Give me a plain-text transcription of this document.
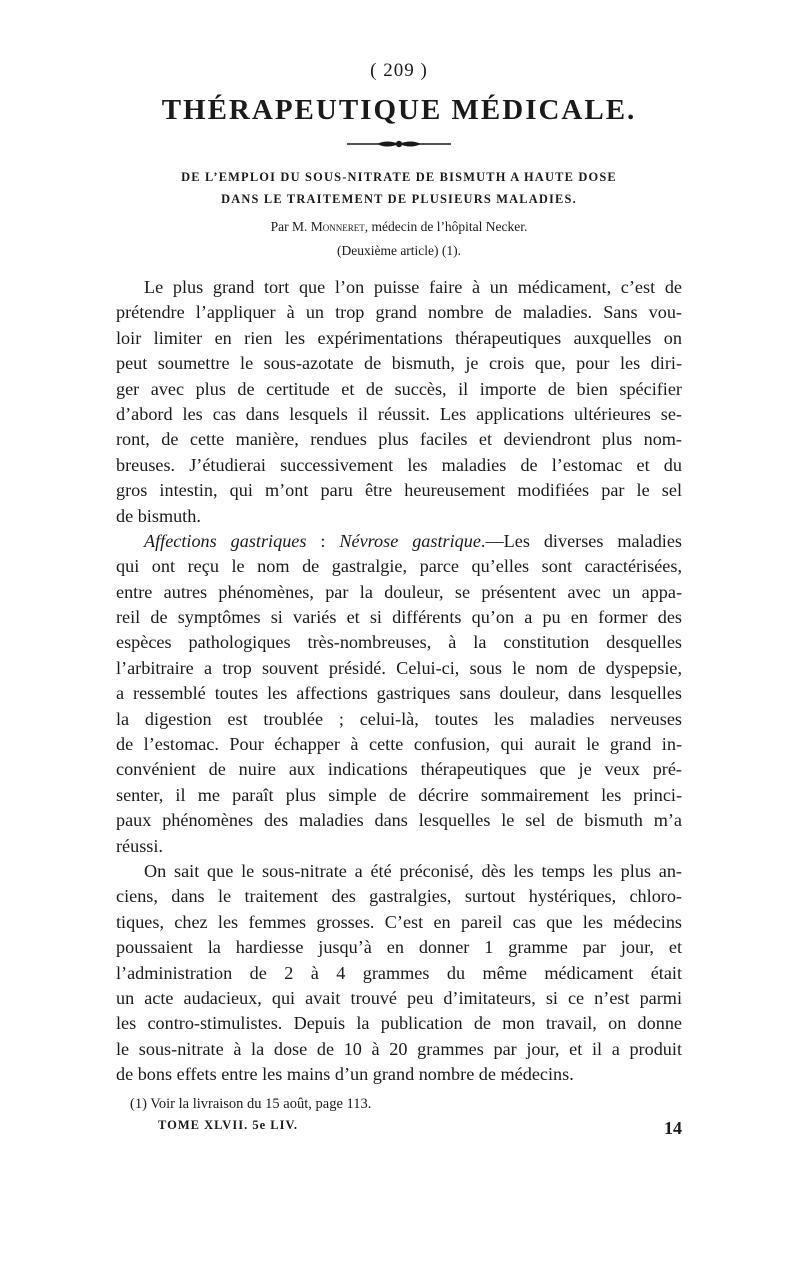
( 209 )
THÉRAPEUTIQUE MÉDICALE.
DE L’EMPLOI DU SOUS-NITRATE DE BISMUTH A HAUTE DOSE
DANS LE TRAITEMENT DE PLUSIEURS MALADIES.
Par M. Monneret, médecin de l’hôpital Necker.
(Deuxième article) (1).
Le plus grand tort que l’on puisse faire à un médicament, c’est de
prétendre l’appliquer à un trop grand nombre de maladies. Sans vou-
loir limiter en rien les expérimentations thérapeutiques auxquelles on
peut soumettre le sous-azotate de bismuth, je crois que, pour les diri-
ger avec plus de certitude et de succès, il importe de bien spécifier
d’abord les cas dans lesquels il réussit. Les applications ultérieures se-
ront, de cette manière, rendues plus faciles et deviendront plus nom-
breuses. J’étudierai successivement les maladies de l’estomac et du
gros intestin, qui m’ont paru être heureusement modifiées par le sel
de bismuth.
Affections gastriques : Névrose gastrique.—Les diverses maladies
qui ont reçu le nom de gastralgie, parce qu’elles sont caractérisées,
entre autres phénomènes, par la douleur, se présentent avec un appa-
reil de symptômes si variés et si différents qu’on a pu en former des
espèces pathologiques très-nombreuses, à la constitution desquelles
l’arbitraire a trop souvent présidé. Celui-ci, sous le nom de dyspepsie,
a ressemblé toutes les affections gastriques sans douleur, dans lesquelles
la digestion est troublée ; celui-là, toutes les maladies nerveuses
de l’estomac. Pour échapper à cette confusion, qui aurait le grand in-
convénient de nuire aux indications thérapeutiques que je veux pré-
senter, il me paraît plus simple de décrire sommairement les princi-
paux phénomènes des maladies dans lesquelles le sel de bismuth m’a
réussi.
On sait que le sous-nitrate a été préconisé, dès les temps les plus an-
ciens, dans le traitement des gastralgies, surtout hystériques, chloro-
tiques, chez les femmes grosses. C’est en pareil cas que les médecins
poussaient la hardiesse jusqu’à en donner 1 gramme par jour, et
l’administration de 2 à 4 grammes du même médicament était
un acte audacieux, qui avait trouvé peu d’imitateurs, si ce n’est parmi
les contro-stimulistes. Depuis la publication de mon travail, on donne
le sous-nitrate à la dose de 10 à 20 grammes par jour, et il a produit
de bons effets entre les mains d’un grand nombre de médecins.
(1) Voir la livraison du 15 août, page 113.
TOME XLVII. 5e LIV.	14
